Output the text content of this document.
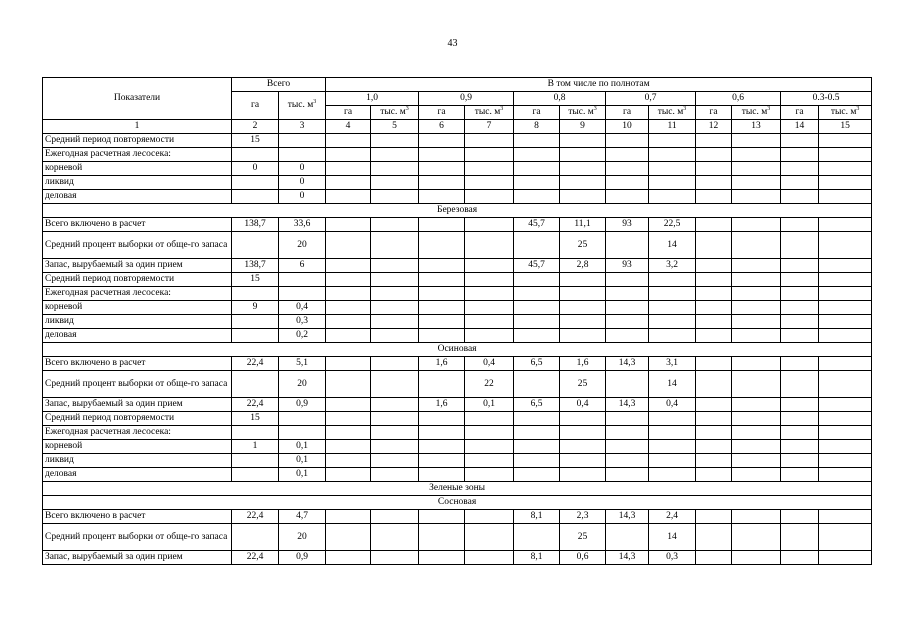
43
Показатели	Всего		В том числе по полнотам											
	га	тыс. $м^3$	1,0		0,9		0,8		0,7		0,6		0.3-0.5	
			га	тыс. $м^3$	га	тыс. $м^3$	га	тыс. $м^3$	га	тыс. $м^3$	га	тыс. $м^3$	га	тыс. $м^3$
1	2	3	4	5	6	7	8	9	10	11	12	13	14	15
Средний период повторяемости	15													
Ежегодная расчетная лесосека:														
корневой	0	0												
ликвид		0												
деловая		0												
Березовая														
Всего включено в расчет	138,7	33,6					45,7	11,1	93	22,5				
Средний процент выборки от обще-го запаса		20						25		14				
Запас, вырубаемый за один прием	138,7	6					45,7	2,8	93	3,2				
Средний период повторяемости	15													
Ежегодная расчетная лесосека:														
корневой	9	0,4												
ликвид		0,3												
деловая		0,2												
Осиновая														
Всего включено в расчет	22,4	5,1			1,6	0,4	6,5	1,6	14,3	3,1				
Средний процент выборки от обще-го запаса		20				22		25		14				
Запас, вырубаемый за один прием	22,4	0,9			1,6	0,1	6,5	0,4	14,3	0,4				
Средний период повторяемости	15													
Ежегодная расчетная лесосека:														
корневой	1	0,1												
ликвид		0,1												
деловая		0,1												
Зеленые зоны														
Сосновая														
Всего включено в расчет	22,4	4,7					8,1	2,3	14,3	2,4				
Средний процент выборки от обще-го запаса		20						25		14				
Запас, вырубаемый за один прием	22,4	0,9					8,1	0,6	14,3	0,3				
